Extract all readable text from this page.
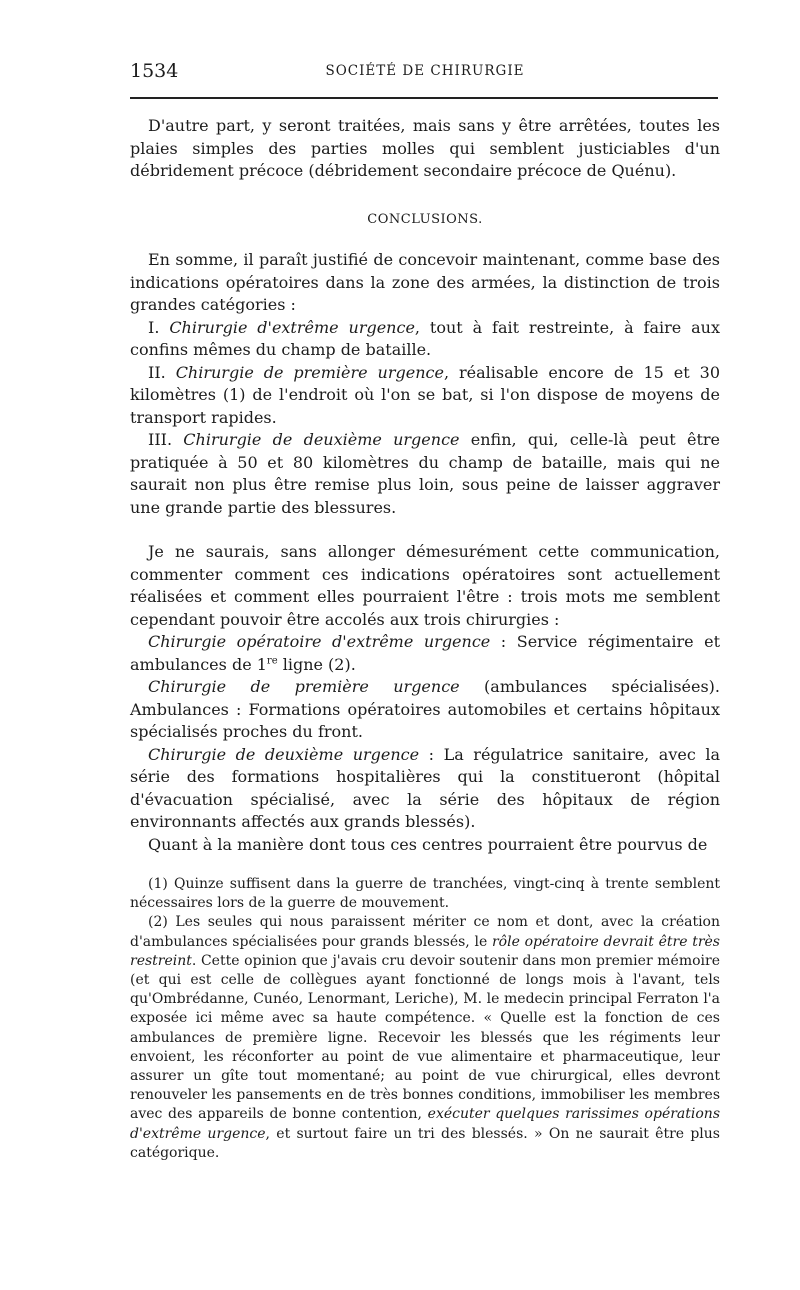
1534	SOCIÉTÉ DE CHIRURGIE

D'autre part, y seront traitées, mais sans y être arrêtées, toutes les plaies simples des parties molles qui semblent justiciables d'un débridement précoce (débridement secondaire précoce de Quénu).

CONCLUSIONS.

En somme, il paraît justifié de concevoir maintenant, comme base des indications opératoires dans la zone des armées, la distinction de trois grandes catégories :

I. Chirurgie d'extrême urgence, tout à fait restreinte, à faire aux confins mêmes du champ de bataille.

II. Chirurgie de première urgence, réalisable encore de 15 et 30 kilomètres (1) de l'endroit où l'on se bat, si l'on dispose de moyens de transport rapides.

III. Chirurgie de deuxième urgence enfin, qui, celle-là peut être pratiquée à 50 et 80 kilomètres du champ de bataille, mais qui ne saurait non plus être remise plus loin, sous peine de laisser aggraver une grande partie des blessures.

Je ne saurais, sans allonger démesurément cette communication, commenter comment ces indications opératoires sont actuellement réalisées et comment elles pourraient l'être : trois mots me semblent cependant pouvoir être accolés aux trois chirurgies :

Chirurgie opératoire d'extrême urgence : Service régimentaire et ambulances de 1re ligne (2).

Chirurgie de première urgence (ambulances spécialisées). Ambulances : Formations opératoires automobiles et certains hôpitaux spécialisés proches du front.

Chirurgie de deuxième urgence : La régulatrice sanitaire, avec la série des formations hospitalières qui la constitueront (hôpital d'évacuation spécialisé, avec la série des hôpitaux de région environnants affectés aux grands blessés).

Quant à la manière dont tous ces centres pourraient être pourvus de

(1) Quinze suffisent dans la guerre de tranchées, vingt-cinq à trente semblent nécessaires lors de la guerre de mouvement.

(2) Les seules qui nous paraissent mériter ce nom et dont, avec la création d'ambulances spécialisées pour grands blessés, le rôle opératoire devrait être très restreint. Cette opinion que j'avais cru devoir soutenir dans mon premier mémoire (et qui est celle de collègues ayant fonctionné de longs mois à l'avant, tels qu'Ombrédanne, Cunéo, Lenormant, Leriche), M. le medecin principal Ferraton l'a exposée ici même avec sa haute compétence. « Quelle est la fonction de ces ambulances de première ligne. Recevoir les blessés que les régiments leur envoient, les réconforter au point de vue alimentaire et pharmaceutique, leur assurer un gîte tout momentané; au point de vue chirurgical, elles devront renouveler les pansements en de très bonnes conditions, immobiliser les membres avec des appareils de bonne contention, exécuter quelques rarissimes opérations d'extrême urgence, et surtout faire un tri des blessés. » On ne saurait être plus catégorique.
